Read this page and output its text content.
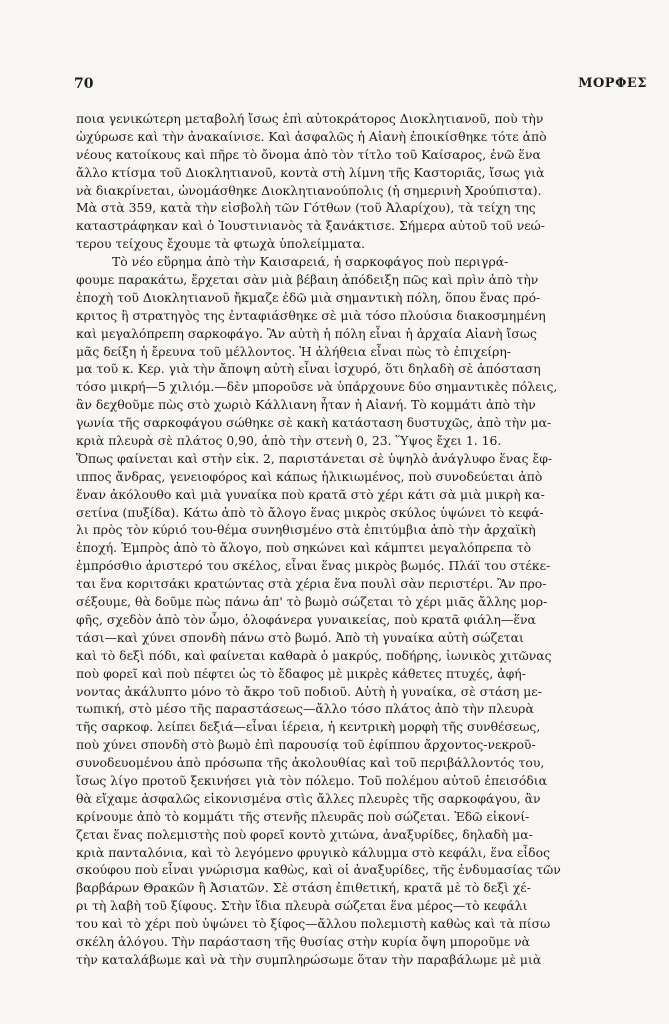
70	ΜΟΡΦΕΣ
ποια γενικώτερη μεταβολή ἴσως ἐπὶ αὐτοκράτορος Διοκλητιανοῦ, ποὺ τὴν
ὠχύρωσε καὶ τὴν ἀνακαίνισε. Καὶ ἀσφαλῶς ἡ Αἰανὴ ἐποικίσθηκε τότε ἀπὸ
νέους κατοίκους καὶ πῆρε τὸ ὄνομα ἀπὸ τὸν τίτλο τοῦ Καίσαρος, ἐνῶ ἕνα
ἄλλο κτίσμα τοῦ Διοκλητιανοῦ, κοντὰ στὴ λίμνη τῆς Καστοριᾶς, ἴσως γιὰ
νὰ διακρίνεται, ὠνομάσθηκε Διοκλητιανούπολις (ἡ σημερινὴ Χρούπιστα).
Μὰ στὰ 359, κατὰ τὴν εἰσβολὴ τῶν Γότθων (τοῦ Ἀλαρίχου), τὰ τείχη της
καταστράφηκαν καὶ ὁ Ἰουστινιανὸς τὰ ξανάκτισε. Σήμερα αὐτοῦ τοῦ νεώ-
τερου τείχους ἔχουμε τὰ φτωχὰ ὑπολείμματα.
Τὸ νέο εὕρημα ἀπὸ τὴν Καισαρειά, ἡ σαρκοφάγος ποὺ περιγρά-
φουμε παρακάτω, ἔρχεται σὰν μιὰ βέβαιη ἀπόδειξη πῶς καὶ πρὶν ἀπὸ τὴν
ἐποχὴ τοῦ Διοκλητιανοῦ ἤκμαζε ἐδῶ μιὰ σημαντικὴ πόλη, ὅπου ἕνας πρό-
κριτος ἢ στρατηγὸς της ἐνταφιάσθηκε σὲ μιὰ τόσο πλούσια διακοσμημένη
καὶ μεγαλόπρεπη σαρκοφάγο. Ἂν αὐτὴ ἡ πόλη εἶναι ἡ ἀρχαία Αἰανὴ ἴσως
μᾶς δείξη ἡ ἔρευνα τοῦ μέλλοντος. Ἡ ἀλήθεια εἶναι πὼς τὸ ἐπιχείρη-
μα τοῦ κ. Κερ. γιὰ τὴν ἄποψη αὐτὴ εἶναι ἰσχυρό, ὅτι δηλαδὴ σὲ ἀπόσταση
τόσο μικρή—5 χιλιόμ.—δὲν μποροῦσε νὰ ὑπάρχουνε δύο σημαντικὲς πόλεις,
ἂν δεχθοῦμε πὼς στὸ χωριὸ Κάλλιανη ἦταν ἡ Αἰανή. Τὸ κομμάτι ἀπὸ τὴν
γωνία τῆς σαρκοφάγου σώθηκε σὲ κακὴ κατάσταση δυστυχῶς, ἀπὸ τὴν μα-
κριὰ πλευρὰ σὲ πλάτος 0,90, ἀπὸ τὴν στενὴ 0, 23. Ὕψος ἔχει 1. 16.
Ὅπως φαίνεται καὶ στὴν εἰκ. 2, παριστάνεται σὲ ὑψηλὸ ἀνάγλυφο ἕνας ἔφ-
ιππος ἄνδρας, γενειοφόρος καὶ κάπως ἡλικιωμένος, ποὺ συνοδεύεται ἀπὸ
ἕναν ἀκόλουθο καὶ μιὰ γυναίκα ποὺ κρατᾶ στὸ χέρι κάτι σὰ μιὰ μικρὴ κα-
σετίνα (πυξίδα). Κάτω ἀπὸ τὸ ἄλογο ἕνας μικρὸς σκύλος ὑψώνει τὸ κεφά-
λι πρὸς τὸν κύριό του-θέμα συνηθισμένο στὰ ἐπιτύμβια ἀπὸ τὴν ἀρχαϊκὴ
ἐποχή. Ἐμπρὸς ἀπὸ τὸ ἄλογο, ποὺ σηκώνει καὶ κάμπτει μεγαλόπρεπα τὸ
ἐμπρόσθιο ἀριστερό του σκέλος, εἶναι ἕνας μικρὸς βωμός. Πλάϊ του στέκε-
ται ἕνα κοριτσάκι κρατώντας στὰ χέρια ἕνα πουλὶ σὰν περιστέρι. Ἂν προ-
σέξουμε, θὰ δοῦμε πὼς πάνω ἀπ' τὸ βωμὸ σώζεται τὸ χέρι μιᾶς ἄλλης μορ-
φῆς, σχεδὸν ἀπὸ τὸν ὦμο, ὁλοφάνερα γυναικείας, ποὺ κρατᾶ φιάλη—ἕνα
τάσι—καὶ χύνει σπονδὴ πάνω στὸ βωμό. Ἀπὸ τὴ γυναίκα αὐτὴ σώζεται
καὶ τὸ δεξὶ πόδι, καὶ φαίνεται καθαρὰ ὁ μακρύς, ποδήρης, ἰωνικὸς χιτῶνας
ποὺ φορεῖ καὶ ποὺ πέφτει ὡς τὸ ἔδαφος μὲ μικρὲς κάθετες πτυχές, ἀφή-
νοντας ἀκάλυπτο μόνο τὸ ἄκρο τοῦ ποδιοῦ. Αὐτὴ ἡ γυναίκα, σὲ στάση με-
τωπική, στὸ μέσο τῆς παραστάσεως—ἄλλο τόσο πλάτος ἀπὸ τὴν πλευρὰ
τῆς σαρκοφ. λείπει δεξιά—εἶναι ἱέρεια, ἡ κεντρικὴ μορφὴ τῆς συνθέσεως,
ποὺ χύνει σπονδὴ στὸ βωμὸ ἐπὶ παρουσίᾳ τοῦ ἐφίππου ἄρχοντος-νεκροῦ-
συνοδευομένου ἀπὸ πρόσωπα τῆς ἀκολουθίας καὶ τοῦ περιβάλλοντός του,
ἴσως λίγο προτοῦ ξεκινήσει γιὰ τὸν πόλεμο. Τοῦ πολέμου αὐτοῦ ἐπεισόδια
θὰ εἴχαμε ἀσφαλῶς εἰκονισμένα στὶς ἄλλες πλευρὲς τῆς σαρκοφάγου, ἂν
κρίνουμε ἀπὸ τὸ κομμάτι τῆς στενῆς πλευρᾶς ποὺ σώζεται. Ἐδῶ εἰκονί-
ζεται ἕνας πολεμιστὴς ποὺ φορεῖ κοντὸ χιτώνα, ἀναξυρίδες, δηλαδὴ μα-
κριὰ πανταλόνια, καὶ τὸ λεγόμενο φρυγικὸ κάλυμμα στὸ κεφάλι, ἕνα εἶδος
σκούφου ποὺ εἶναι γνώρισμα καθὼς, καὶ οἱ ἀναξυρίδες, τῆς ἐνδυμασίας τῶν
βαρβάρων Θρακῶν ἢ Ἀσιατῶν. Σὲ στάση ἐπιθετική, κρατᾶ μὲ τὸ δεξὶ χέ-
ρι τὴ λαβὴ τοῦ ξίφους. Στὴν ἴδια πλευρὰ σώζεται ἕνα μέρος—τὸ κεφάλι
του καὶ τὸ χέρι ποὺ ὑψώνει τὸ ξίφος—ἄλλου πολεμιστὴ καθὼς καὶ τὰ πίσω
σκέλη ἀλόγου. Τὴν παράσταση τῆς θυσίας στὴν κυρία ὄψη μποροῦμε νὰ
τὴν καταλάβωμε καὶ νὰ τὴν συμπληρώσωμε ὅταν τὴν παραβάλωμε μὲ μιὰ
